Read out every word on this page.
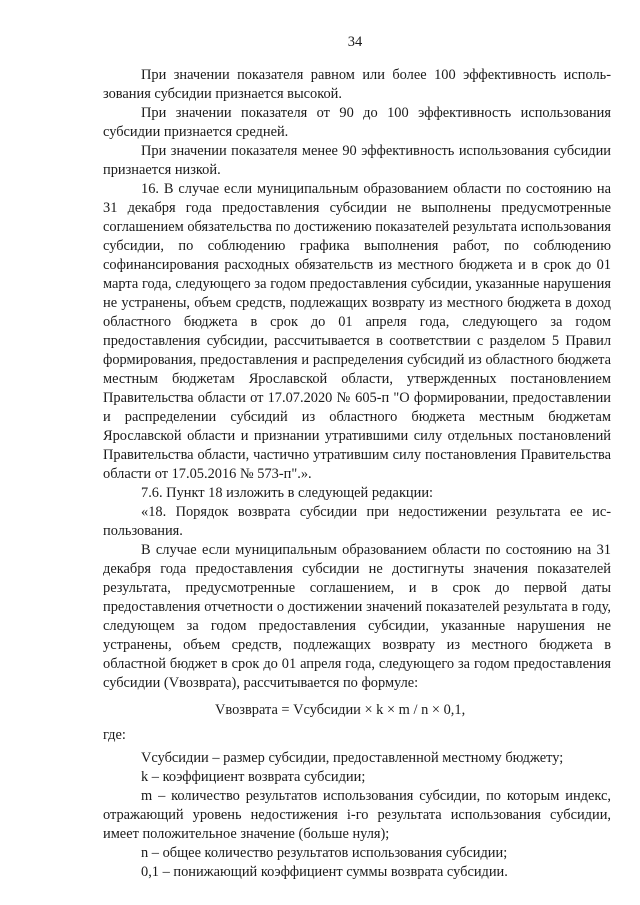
34

При значении показателя равном или более 100 эффективность использования субсидии признается высокой.

При значении показателя от 90 до 100 эффективность использования субсидии признается средней.

При значении показателя менее 90 эффективность использования субсидии признается низкой.

16. В случае если муниципальным образованием области по состоянию на 31 декабря года предоставления субсидии не выполнены предусмотренные соглашением обязательства по достижению показателей результата использования субсидии, по соблюдению графика выполнения работ, по соблюдению софинансирования расходных обязательств из местного бюджета и в срок до 01 марта года, следующего за годом предоставления субсидии, указанные нарушения не устранены, объем средств, подлежащих возврату из местного бюджета в доход областного бюджета в срок до 01 апреля года, следующего за годом предоставления субсидии, рассчитывается в соответствии с разделом 5 Правил формирования, предоставления и распределения субсидий из областного бюджета местным бюджетам Ярославской области, утвержденных постановлением Правительства области от 17.07.2020 № 605-п "О формировании, предоставлении и распределении субсидий из областного бюджета местным бюджетам Ярославской области и признании утратившими силу отдельных постановлений Правительства области, частично утратившим силу постановления Правительства области от 17.05.2016 № 573-п".».

7.6. Пункт 18 изложить в следующей редакции:

«18. Порядок возврата субсидии при недостижении результата ее использования.

В случае если муниципальным образованием области по состоянию на 31 декабря года предоставления субсидии не достигнуты значения показателей результата, предусмотренные соглашением, и в срок до первой даты предоставления отчетности о достижении значений показателей результата в году, следующем за годом предоставления субсидии, указанные нарушения не устранены, объем средств, подлежащих возврату из местного бюджета в областной бюджет в срок до 01 апреля года, следующего за годом предоставления субсидии (Vвозврата), рассчитывается по формуле:

Vвозврата = Vсубсидии × k × m / n × 0,1,

где:

Vсубсидии – размер субсидии, предоставленной местному бюджету;

k – коэффициент возврата субсидии;

m – количество результатов использования субсидии, по которым индекс, отражающий уровень недостижения i-го результата использования субсидии, имеет положительное значение (больше нуля);

n – общее количество результатов использования субсидии;

0,1 – понижающий коэффициент суммы возврата субсидии.
